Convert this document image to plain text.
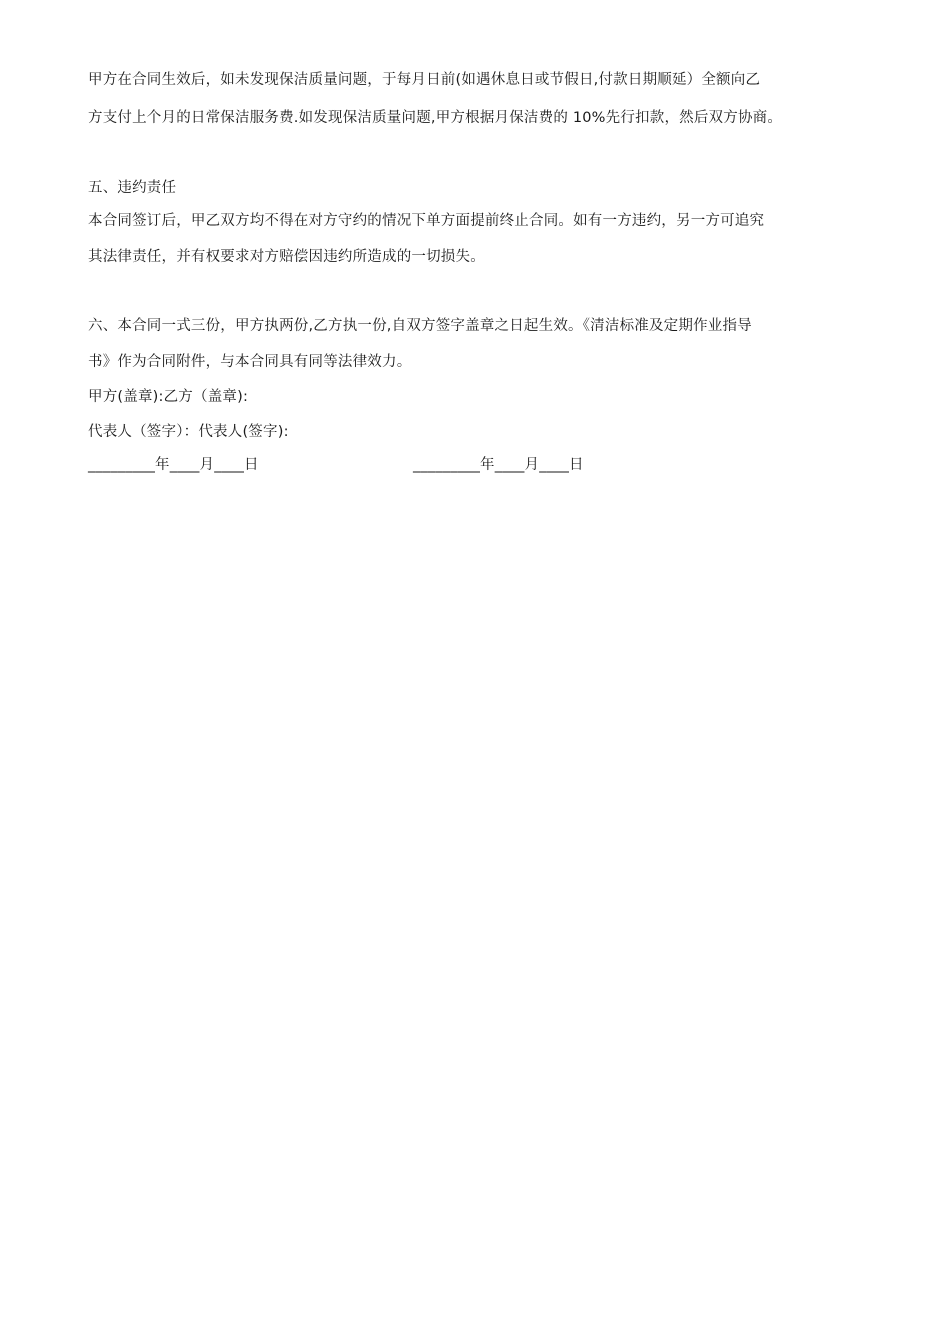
甲方在合同生效后，如未发现保洁质量问题，于每月日前(如遇休息日或节假日,付款日期顺延）全额向乙
方支付上个月的日常保洁服务费.如发现保洁质量问题,甲方根据月保洁费的 10%先行扣款，然后双方协商。
五、违约责任
本合同签订后，甲乙双方均不得在对方守约的情况下单方面提前终止合同。如有一方违约，另一方可追究
其法律责任，并有权要求对方赔偿因违约所造成的一切损失。
六、本合同一式三份，甲方执两份,乙方执一份,自双方签字盖章之日起生效。《清洁标准及定期作业指导
书》作为合同附件，与本合同具有同等法律效力。
甲方(盖章):乙方（盖章):
代表人（签字）：代表人(签字):
_________年____月____日	_________年____月____日
